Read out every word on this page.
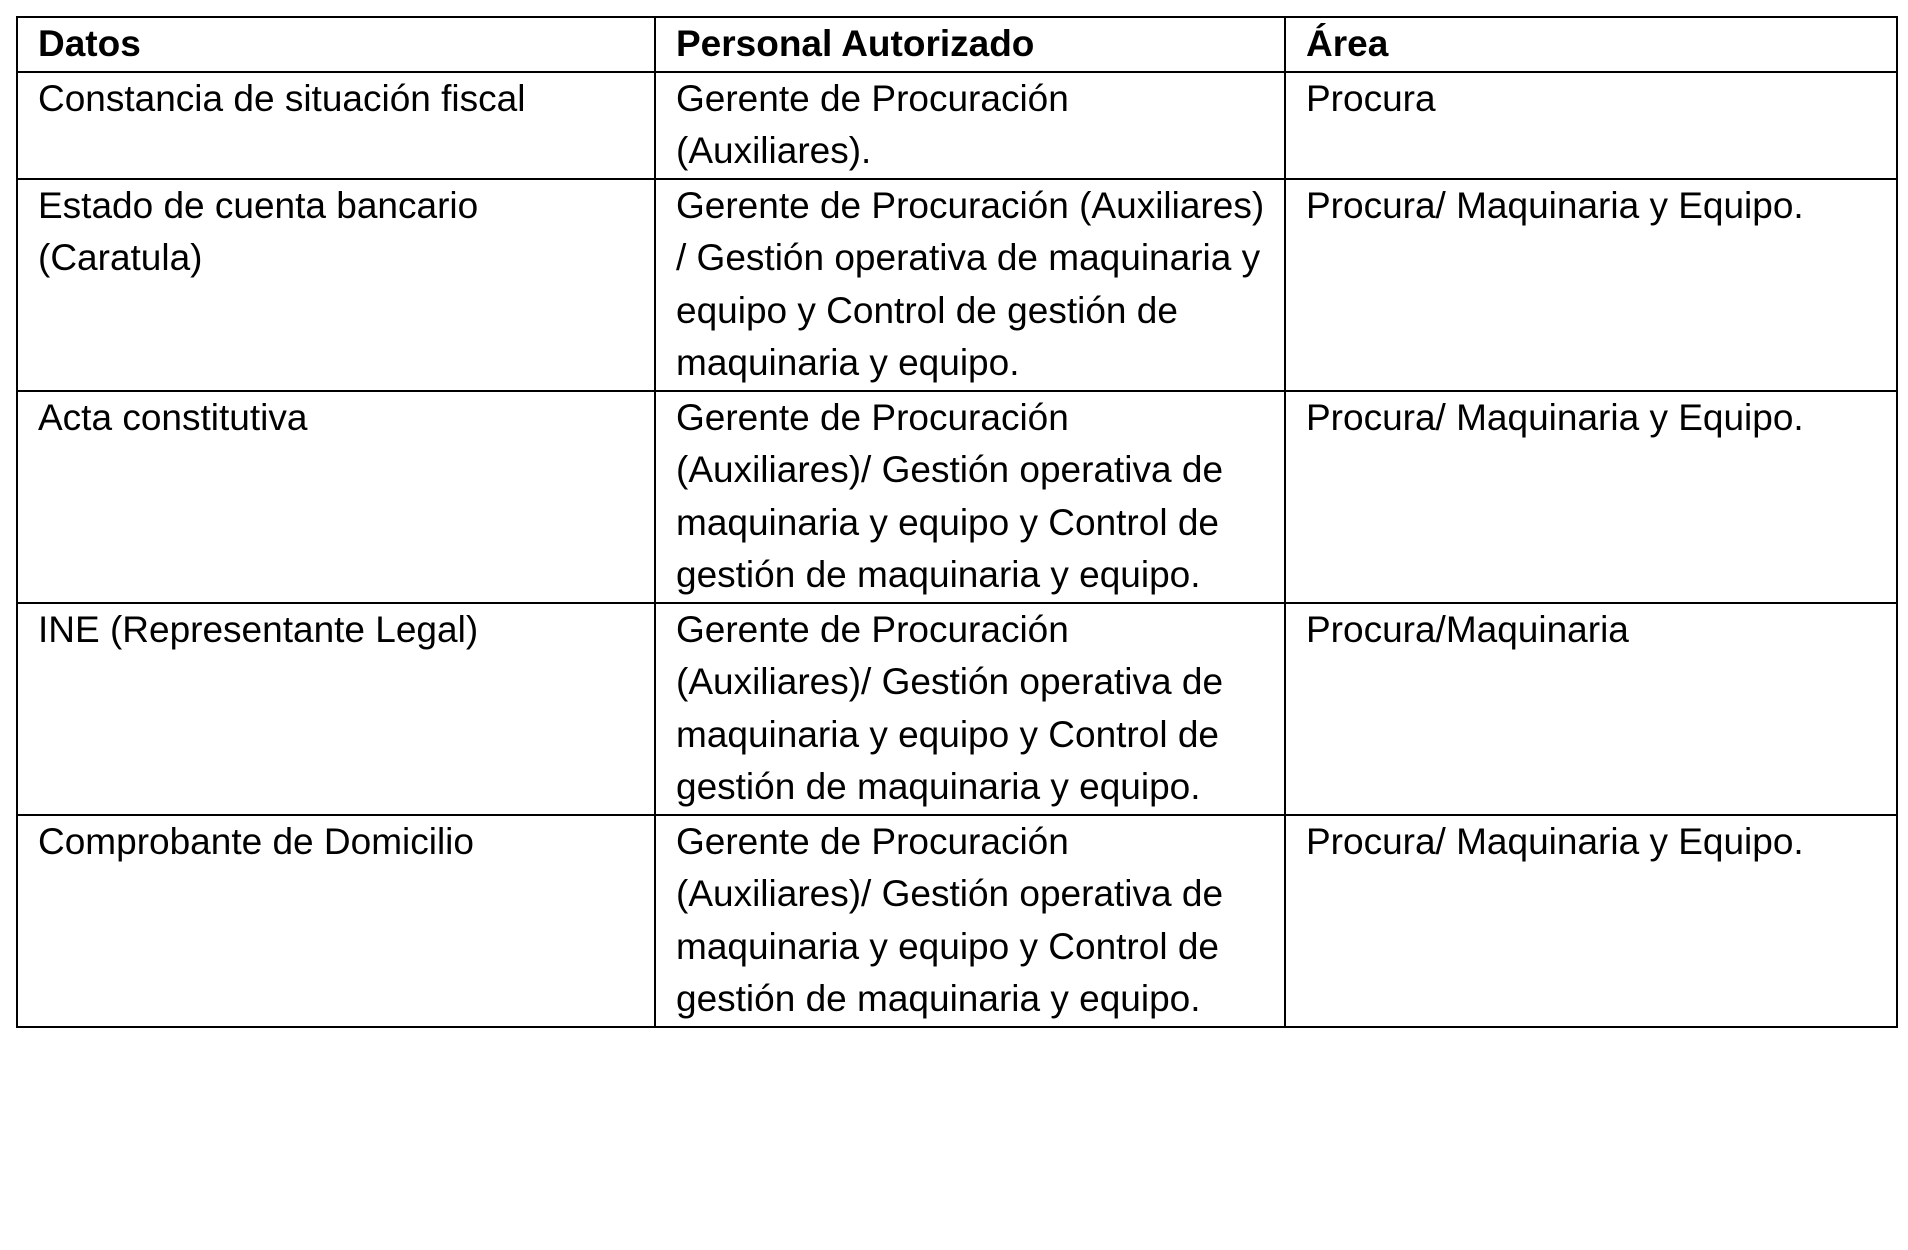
Datos	Personal Autorizado	Área
Constancia de situación fiscal	Gerente de Procuración (Auxiliares).	Procura
Estado de cuenta bancario (Caratula)	Gerente de Procuración (Auxiliares) / Gestión operativa de maquinaria y equipo y Control de gestión de maquinaria y equipo.	Procura/ Maquinaria y Equipo.
Acta constitutiva	Gerente de Procuración (Auxiliares)/ Gestión operativa de maquinaria y equipo y Control de gestión de maquinaria y equipo.	Procura/ Maquinaria y Equipo.
INE (Representante Legal)	Gerente de Procuración (Auxiliares)/ Gestión operativa de maquinaria y equipo y Control de gestión de maquinaria y equipo.	Procura/Maquinaria
Comprobante de Domicilio	Gerente de Procuración (Auxiliares)/ Gestión operativa de maquinaria y equipo y Control de gestión de maquinaria y equipo.	Procura/ Maquinaria y Equipo.
